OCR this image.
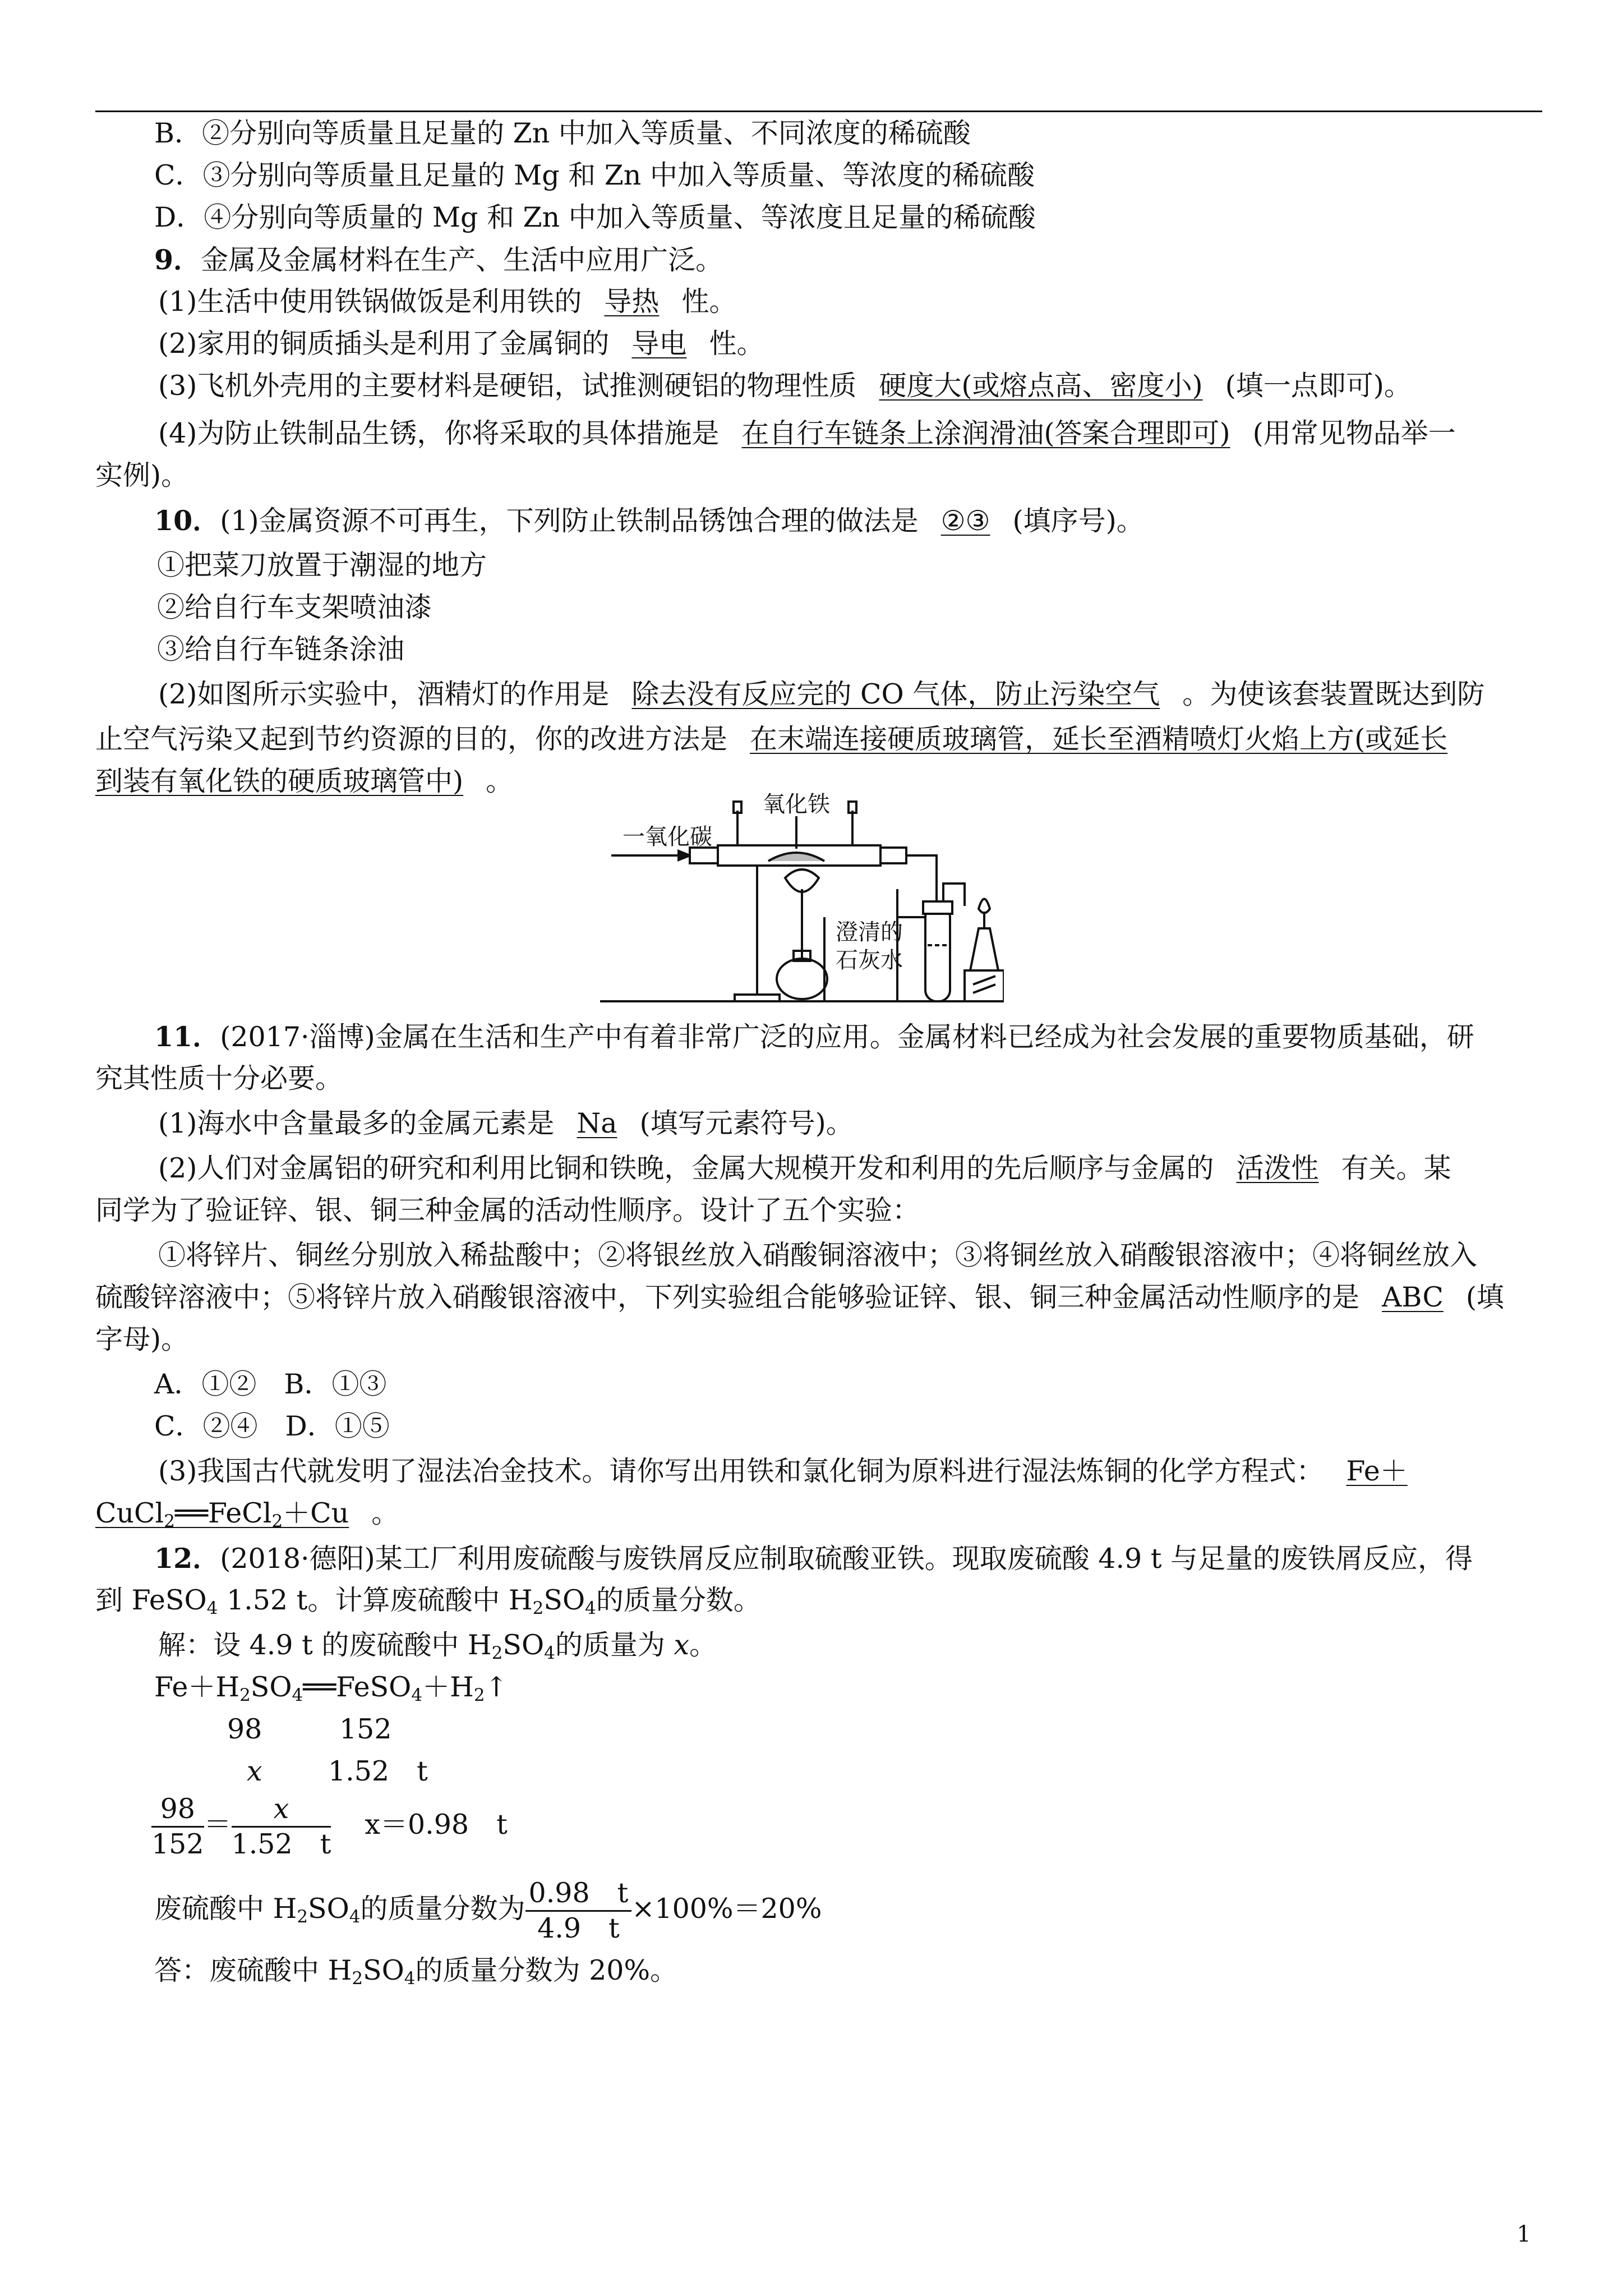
B．②分别向等质量且足量的 Zn 中加入等质量、不同浓度的稀硫酸
C．③分别向等质量且足量的 Mg 和 Zn 中加入等质量、等浓度的稀硫酸
D．④分别向等质量的 Mg 和 Zn 中加入等质量、等浓度且足量的稀硫酸
9．金属及金属材料在生产、生活中应用广泛。
(1)生活中使用铁锅做饭是利用铁的 导热 性。
(2)家用的铜质插头是利用了金属铜的 导电 性。
(3)飞机外壳用的主要材料是硬铝，试推测硬铝的物理性质 硬度大(或熔点高、密度小) (填一点即可)。
(4)为防止铁制品生锈，你将采取的具体措施是 在自行车链条上涂润滑油(答案合理即可) (用常见物品举一
实例)。
10．(1)金属资源不可再生，下列防止铁制品锈蚀合理的做法是 ②③ (填序号)。
①把菜刀放置于潮湿的地方
②给自行车支架喷油漆
③给自行车链条涂油
(2)如图所示实验中，酒精灯的作用是 除去没有反应完的 CO 气体，防止污染空气 。为使该套装置既达到防
止空气污染又起到节约资源的目的，你的改进方法是 在末端连接硬质玻璃管，延长至酒精喷灯火焰上方(或延长
到装有氧化铁的硬质玻璃管中) 。
一氧化碳
氧化铁
澄清的
石灰水
11．(2017·淄博)金属在生活和生产中有着非常广泛的应用。金属材料已经成为社会发展的重要物质基础，研
究其性质十分必要。
(1)海水中含量最多的金属元素是 Na (填写元素符号)。
(2)人们对金属铝的研究和利用比铜和铁晚，金属大规模开发和利用的先后顺序与金属的 活泼性 有关。某
同学为了验证锌、银、铜三种金属的活动性顺序。设计了五个实验：
①将锌片、铜丝分别放入稀盐酸中；②将银丝放入硝酸铜溶液中；③将铜丝放入硝酸银溶液中；④将铜丝放入
硫酸锌溶液中；⑤将锌片放入硝酸银溶液中，下列实验组合能够验证锌、银、铜三种金属活动性顺序的是 ABC (填
字母)。
A．①②　B．①③
C．②④　D．①⑤
(3)我国古代就发明了湿法冶金技术。请你写出用铁和氯化铜为原料进行湿法炼铜的化学方程式： Fe＋
CuCl$_2$══FeCl$_2$＋Cu 。
12．(2018·德阳)某工厂利用废硫酸与废铁屑反应制取硫酸亚铁。现取废硫酸 4.9 t 与足量的废铁屑反应，得
到 FeSO$_4$ 1.52 t。计算废硫酸中 $H_2SO_4$的质量分数。
解：设 4.9 t 的废硫酸中 $H_2SO_4$的质量为 x。
$Fe+H_2SO_4══FeSO_4+H_2↑$
98	152
x 1.52　t
$\frac{98}{152} = \frac{x}{1.52 t} x=0.98$　t
废硫酸中 $H_2SO_4$的质量分数为 $\frac{0.98 t}{4.9 t} \times 100\%=20\%$
答：废硫酸中 $H_2SO_4$的质量分数为 20%。
1
